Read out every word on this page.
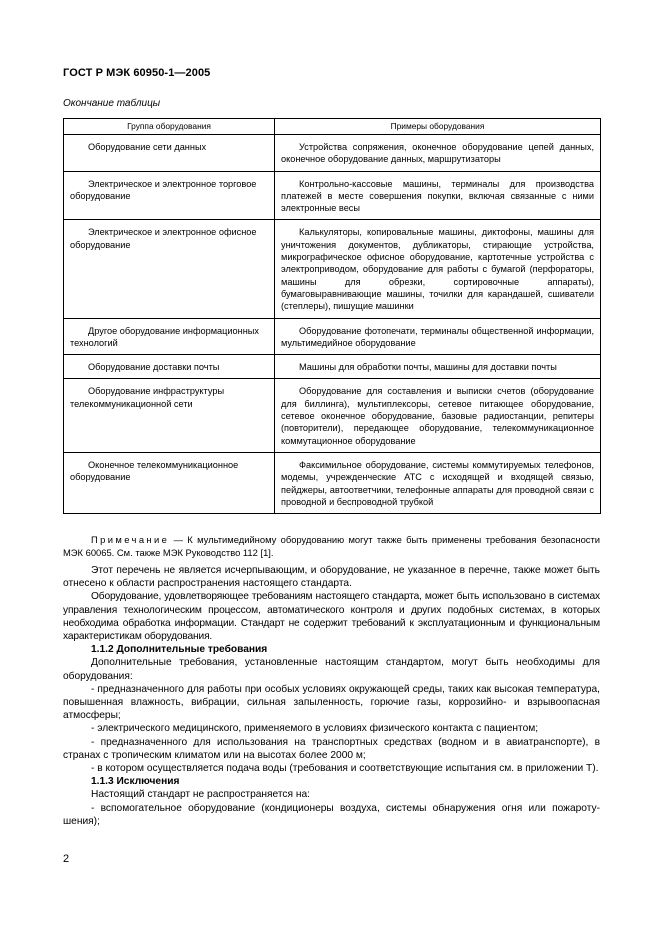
ГОСТ Р МЭК 60950-1—2005
Окончание таблицы
Группа оборудования	Примеры оборудования
Оборудование сети данных	Устройства сопряжения, оконечное оборудование цепей данных, оконечное оборудование данных, маршрутизаторы
Электрическое и электронное торговое оборудование	Контрольно-кассовые машины, терминалы для производства платежей в месте совершения покупки, включая связанные с ними электронные весы
Электрическое и электронное офисное оборудование	Калькуляторы, копировальные машины, диктофоны, машины для уничтожения документов, дубликаторы, стирающие устройства, микрографическое офисное оборудование, картотечные устройства с электроприводом, оборудование для работы с бумагой (перфораторы, машины для обрезки, сортировочные аппараты), бумаговыравнивающие машины, точилки для карандашей, сшиватели (степлеры), пишущие машинки
Другое оборудование информационных технологий	Оборудование фотопечати, терминалы общественной информации, мультимедийное оборудование
Оборудование доставки почты	Машины для обработки почты, машины для доставки почты
Оборудование инфраструктуры телекоммуникационной сети	Оборудование для составления и выписки счетов (оборудование для биллинга), мультиплексоры, сетевое питающее оборудование, сетевое оконечное оборудование, базовые радиостанции, репитеры (повторители), передающее оборудование, телекоммуникационное коммутационное оборудование
Оконечное телекоммуникационное оборудование	Факсимильное оборудование, системы коммутируемых телефонов, модемы, учрежденческие АТС с исходящей и входящей связью, пейджеры, автоответчики, телефонные аппараты для проводной связи с проводной и беспроводной трубкой
Примечание — К мультимедийному оборудованию могут также быть применены требования безопасности МЭК 60065. См. также МЭК Руководство 112 [1].

Этот перечень не является исчерпывающим, и оборудование, не указанное в перечне, также может быть отнесено к области распространения настоящего стандарта.

Оборудование, удовлетворяющее требованиям настоящего стандарта, может быть использовано в системах управления технологическим процессом, автоматического контроля и других подобных системах, в которых необходима обработка информации. Стандарт не содержит требований к эксплуатационным и функциональным характеристикам оборудования.

1.1.2 Дополнительные требования

Дополнительные требования, установленные настоящим стандартом, могут быть необходимы для оборудования:

- предназначенного для работы при особых условиях окружающей среды, таких как высокая температура, повышенная влажность, вибрации, сильная запыленность, горючие газы, коррозийно- и взрывоопасная атмосферы;

- электрического медицинского, применяемого в условиях физического контакта с пациентом;

- предназначенного для использования на транспортных средствах (водном и в авиатранспорте), в странах с тропическим климатом или на высотах более 2000 м;

- в котором осуществляется подача воды (требования и соответствующие испытания см. в приложении Т).

1.1.3 Исключения

Настоящий стандарт не распространяется на:

- вспомогательное оборудование (кондиционеры воздуха, системы обнаружения огня или пожаротушения);

2
